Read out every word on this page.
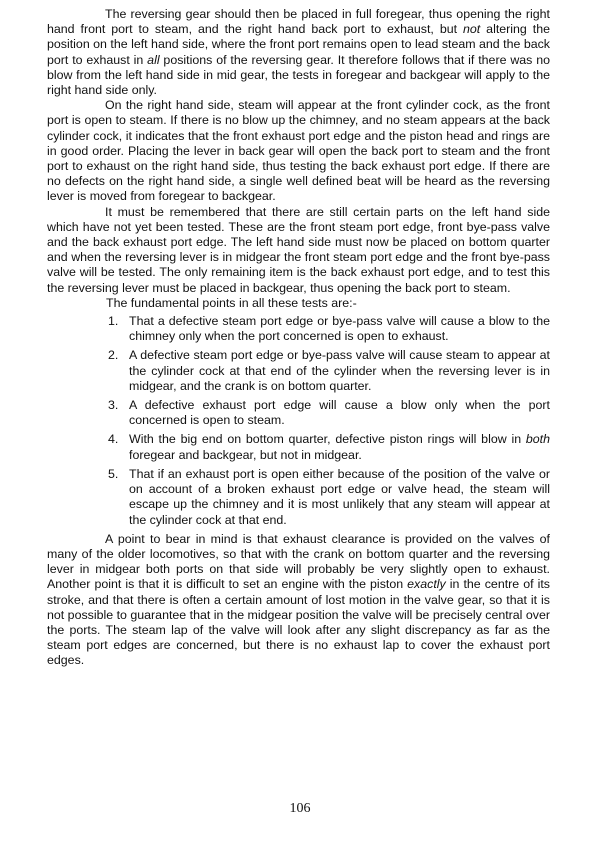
The reversing gear should then be placed in full foregear, thus opening the right hand front port to steam, and the right hand back port to exhaust, but not altering the position on the left hand side, where the front port remains open to lead steam and the back port to exhaust in all positions of the reversing gear. It therefore follows that if there was no blow from the left hand side in mid gear, the tests in foregear and backgear will apply to the right hand side only.

On the right hand side, steam will appear at the front cylinder cock, as the front port is open to steam. If there is no blow up the chimney, and no steam appears at the back cylinder cock, it indicates that the front exhaust port edge and the piston head and rings are in good order. Placing the lever in back gear will open the back port to steam and the front port to exhaust on the right hand side, thus testing the back exhaust port edge. If there are no defects on the right hand side, a single well defined beat will be heard as the reversing lever is moved from foregear to backgear.

It must be remembered that there are still certain parts on the left hand side which have not yet been tested. These are the front steam port edge, front bye-pass valve and the back exhaust port edge. The left hand side must now be placed on bottom quarter and when the reversing lever is in midgear the front steam port edge and the front bye-pass valve will be tested. The only remaining item is the back exhaust port edge, and to test this the reversing lever must be placed in backgear, thus opening the back port to steam.

The fundamental points in all these tests are:-

1. That a defective steam port edge or bye-pass valve will cause a blow to the chimney only when the port concerned is open to exhaust.
2. A defective steam port edge or bye-pass valve will cause steam to appear at the cylinder cock at that end of the cylinder when the reversing lever is in midgear, and the crank is on bottom quarter.
3. A defective exhaust port edge will cause a blow only when the port concerned is open to steam.
4. With the big end on bottom quarter, defective piston rings will blow in both foregear and backgear, but not in midgear.
5. That if an exhaust port is open either because of the position of the valve or on account of a broken exhaust port edge or valve head, the steam will escape up the chimney and it is most unlikely that any steam will appear at the cylinder cock at that end.

A point to bear in mind is that exhaust clearance is provided on the valves of many of the older locomotives, so that with the crank on bottom quarter and the reversing lever in midgear both ports on that side will probably be very slightly open to exhaust. Another point is that it is difficult to set an engine with the piston exactly in the centre of its stroke, and that there is often a certain amount of lost motion in the valve gear, so that it is not possible to guarantee that in the midgear position the valve will be precisely central over the ports. The steam lap of the valve will look after any slight discrepancy as far as the steam port edges are concerned, but there is no exhaust lap to cover the exhaust port edges.

106
